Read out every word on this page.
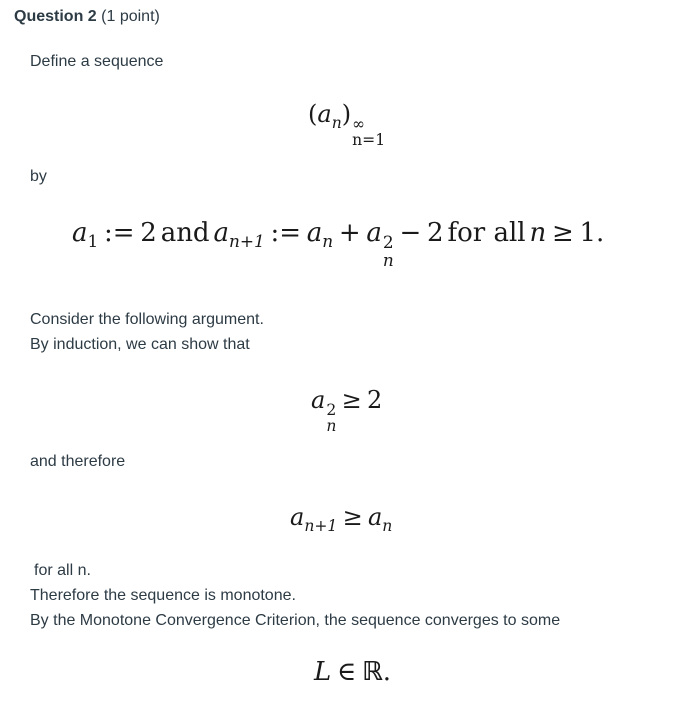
Question 2 (1 point)
Define a sequence
$(a_n)$ ∞
n=1
by
$a_1$ := 2 and $a_{n+1}$ := $a_n + a$ 2
n
− 2 for all n ≥ 1.
Consider the following argument.
By induction, we can show that
a 2
n
≥ 2
and therefore
$a_{n+1} \ge a_n$
for all n.
Therefore the sequence is monotone.
By the Monotone Convergence Criterion, the sequence converges to some
L ∈ ℝ.
